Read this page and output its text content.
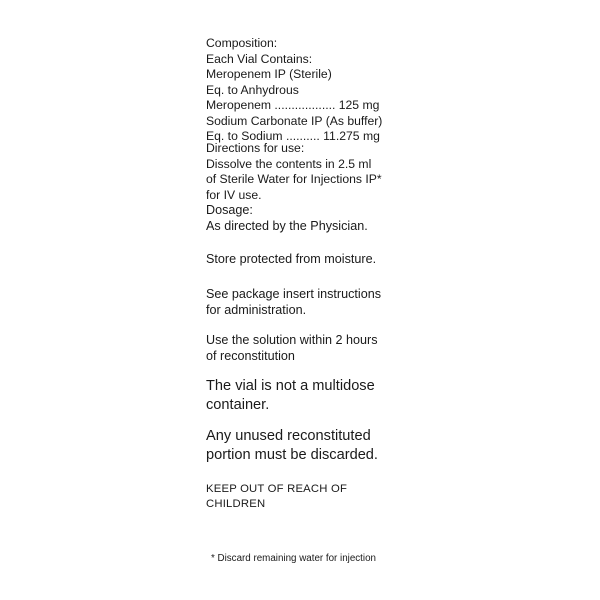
Composition:
Each Vial Contains:
Meropenem IP (Sterile)
Eq. to Anhydrous
Meropenem .................. 125 mg
Sodium Carbonate IP (As buffer)
Eq. to Sodium .......... 11.275 mg
Directions for use:
Dissolve the contents in 2.5 ml
of Sterile Water for Injections IP*
for IV use.
Dosage:
As directed by the Physician.
Store protected from moisture.
See package insert instructions
for administration.
Use the solution within 2 hours
of reconstitution
The vial is not a multidose
container.
Any unused reconstituted
portion must be discarded.
KEEP OUT OF REACH OF
CHILDREN
* Discard remaining water for injection
